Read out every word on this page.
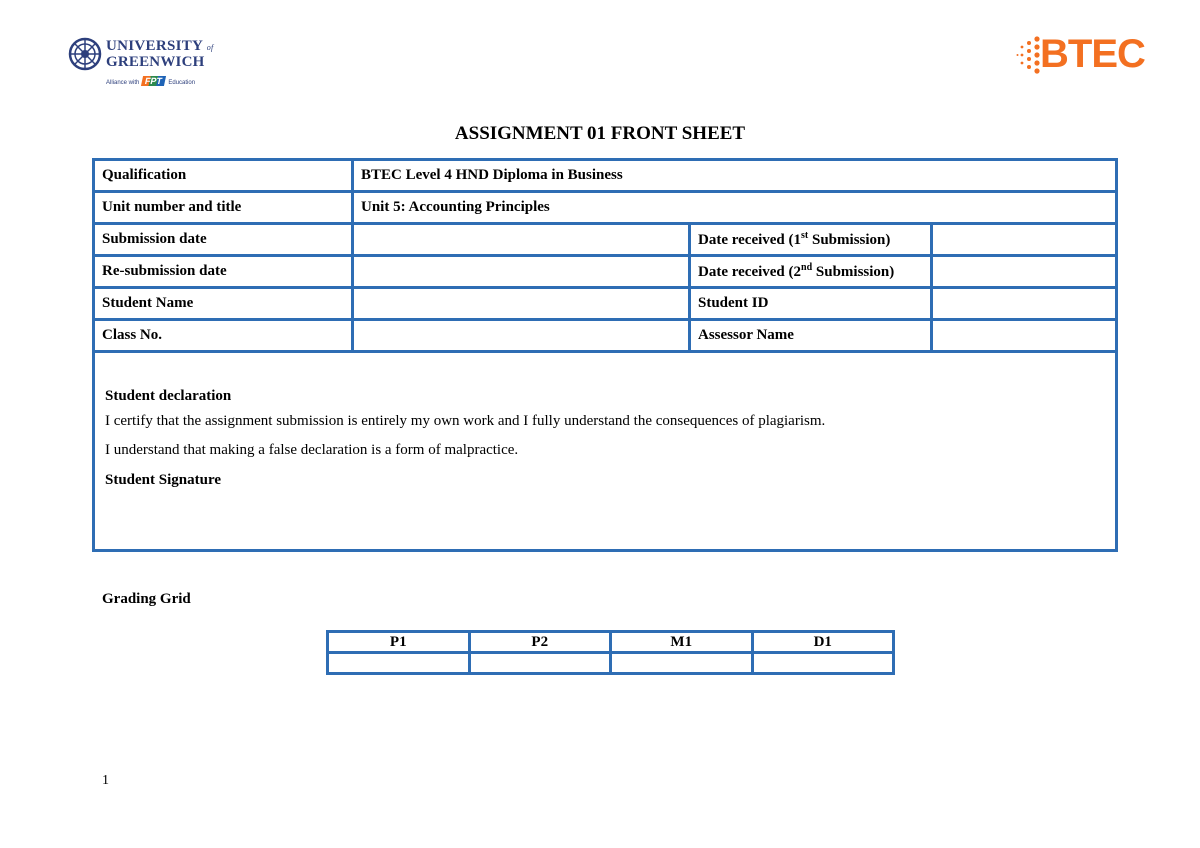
UNIVERSITY of
GREENWICH
Alliance with FPT Education
BTEC
ASSIGNMENT 01 FRONT SHEET
Qualification	BTEC Level 4 HND Diploma in Business		
Unit number and title	Unit 5: Accounting Principles		
Submission date		Date received (1st Submission)	
Re-submission date		Date received (2nd Submission)	
Student Name		Student ID	
Class No.		Assessor Name	

Student declaration
I certify that the assignment submission is entirely my own work and I fully understand the consequences of plagiarism.
I understand that making a false declaration is a form of malpractice.
Student Signature			
Grading Grid
P1	P2	M1	D1

1
